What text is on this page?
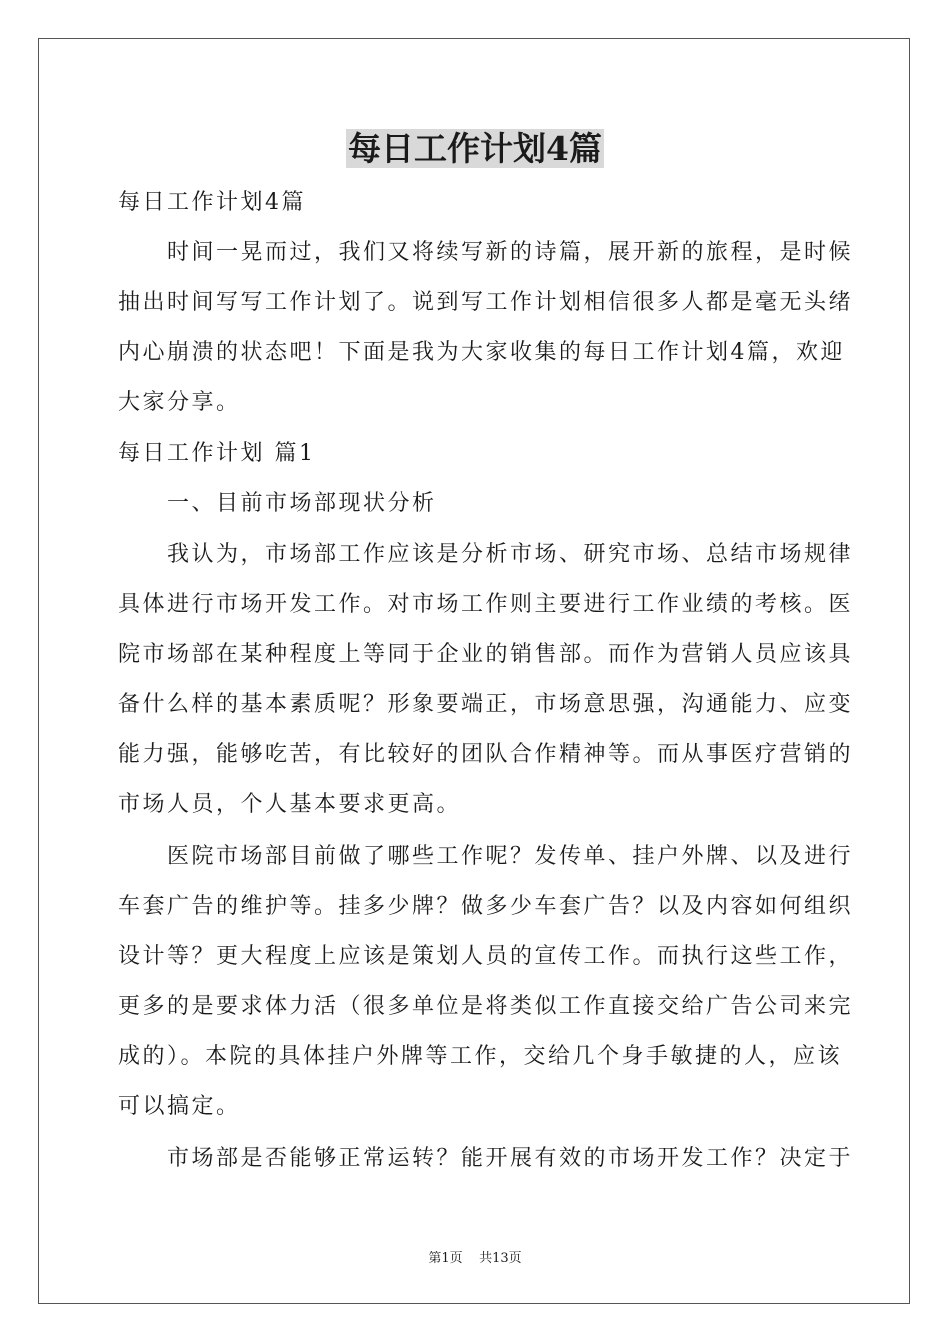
每日工作计划4篇

每日工作计划4篇

　　时间一晃而过，我们又将续写新的诗篇，展开新的旅程，是时候

抽出时间写写工作计划了。说到写工作计划相信很多人都是毫无头绪

内心崩溃的状态吧！下面是我为大家收集的每日工作计划4篇，欢迎

大家分享。

每日工作计划 篇1

　　一、目前市场部现状分析

　　我认为，市场部工作应该是分析市场、研究市场、总结市场规律

具体进行市场开发工作。对市场工作则主要进行工作业绩的考核。医

院市场部在某种程度上等同于企业的销售部。而作为营销人员应该具

备什么样的基本素质呢？形象要端正，市场意思强，沟通能力、应变

能力强，能够吃苦，有比较好的团队合作精神等。而从事医疗营销的

市场人员，个人基本要求更高。

　　医院市场部目前做了哪些工作呢？发传单、挂户外牌、以及进行

车套广告的维护等。挂多少牌？做多少车套广告？以及内容如何组织

设计等？更大程度上应该是策划人员的宣传工作。而执行这些工作，

更多的是要求体力活（很多单位是将类似工作直接交给广告公司来完

成的）。本院的具体挂户外牌等工作，交给几个身手敏捷的人，应该

可以搞定。

　　市场部是否能够正常运转？能开展有效的市场开发工作？决定于

第1页    共13页
